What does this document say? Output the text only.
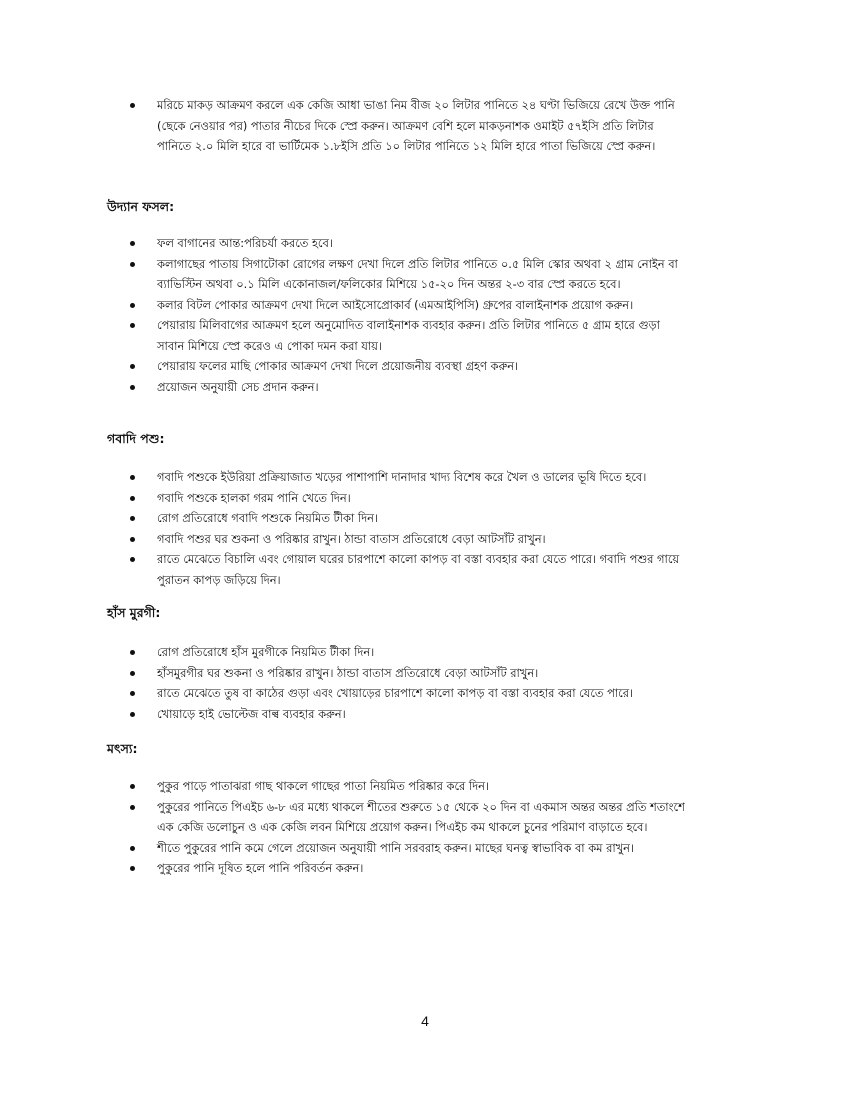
মরিচে মাকড় আক্রমণ করলে এক কেজি আধা ভাঙা নিম বীজ ২০ লিটার পানিতে ২৪ ঘণ্টা ভিজিয়ে রেখে উক্ত পানি
(ছেকে নেওয়ার পর) পাতার নীচের দিকে স্প্রে করুন। আক্রমণ বেশি হলে মাকড়নাশক ওমাইট ৫৭ইসি প্রতি লিটার
পানিতে ২.০ মিলি হারে বা ভার্টিমেক ১.৮ইসি প্রতি ১০ লিটার পানিতে ১২ মিলি হারে পাতা ভিজিয়ে স্প্রে করুন।
উদ্যান ফসল:
ফল বাগানের আন্ত:পরিচর্যা করতে হবে।
কলাগাছের পাতায় সিগাটোকা রোগের লক্ষণ দেখা দিলে প্রতি লিটার পানিতে ০.৫ মিলি স্কোর অথবা ২ গ্রাম নোইন বা
ব্যাভিস্টিন অথবা ০.১ মিলি একোনাজল/ফলিকোর মিশিয়ে ১৫-২০ দিন অন্তর ২-৩ বার স্প্রে করতে হবে।
কলার বিটল পোকার আক্রমণ দেখা দিলে আইসোপ্রোকার্ব (এমআইপিসি) গ্রুপের বালাইনাশক প্রয়োগ করুন।
পেয়ারায় মিলিবাগের আক্রমণ হলে অনুমোদিত বালাইনাশক ব্যবহার করুন। প্রতি লিটার পানিতে ৫ গ্রাম হারে গুড়া
সাবান মিশিয়ে স্প্রে করেও এ পোকা দমন করা যায়।
পেয়ারায় ফলের মাছি পোকার আক্রমণ দেখা দিলে প্রয়োজনীয় ব্যবস্থা গ্রহণ করুন।
প্রয়োজন অনুযায়ী সেচ প্রদান করুন।
গবাদি পশু:
গবাদি পশুকে ইউরিয়া প্রক্রিয়াজাত খড়ের পাশাপাশি দানাদার খাদ্য বিশেষ করে খৈল ও ডালের ভূষি দিতে হবে।
গবাদি পশুকে হালকা গরম পানি খেতে দিন।
রোগ প্রতিরোধে গবাদি পশুকে নিয়মিত টীকা দিন।
গবাদি পশুর ঘর শুকনা ও পরিষ্কার রাখুন। ঠান্ডা বাতাস প্রতিরোধে বেড়া আটসাঁট রাখুন।
রাতে মেঝেতে বিচালি এবং গোয়াল ঘরের চারপাশে কালো কাপড় বা বস্তা ব্যবহার করা যেতে পারে। গবাদি পশুর গায়ে
পুরাতন কাপড় জড়িয়ে দিন।
হাঁস মুরগী:
রোগ প্রতিরোধে হাঁস মুরগীকে নিয়মিত টীকা দিন।
হাঁসমুরগীর ঘর শুকনা ও পরিষ্কার রাখুন। ঠান্ডা বাতাস প্রতিরোধে বেড়া আটসাঁট রাখুন।
রাতে মেঝেতে তুষ বা কাঠের গুড়া এবং খোয়াড়ের চারপাশে কালো কাপড় বা বস্তা ব্যবহার করা যেতে পারে।
খোয়াড়ে হাই ভোল্টেজ বাল্ব ব্যবহার করুন।
মৎস্য:
পুকুর পাড়ে পাতাঝরা গাছ থাকলে গাছের পাতা নিয়মিত পরিষ্কার করে দিন।
পুকুরের পানিতে পিএইচ ৬-৮ এর মধ্যে থাকলে শীতের শুরুতে ১৫ থেকে ২০ দিন বা একমাস অন্তর অন্তর প্রতি শতাংশে
এক কেজি ডলোচুন ও এক কেজি লবন মিশিয়ে প্রয়োগ করুন। পিএইচ কম থাকলে চুনের পরিমাণ বাড়াতে হবে।
শীতে পুকুরের পানি কমে গেলে প্রয়োজন অনুযায়ী পানি সরবরাহ করুন। মাছের ঘনত্ব স্বাভাবিক বা কম রাখুন।
পুকুরের পানি দূষিত হলে পানি পরিবর্তন করুন।
4
